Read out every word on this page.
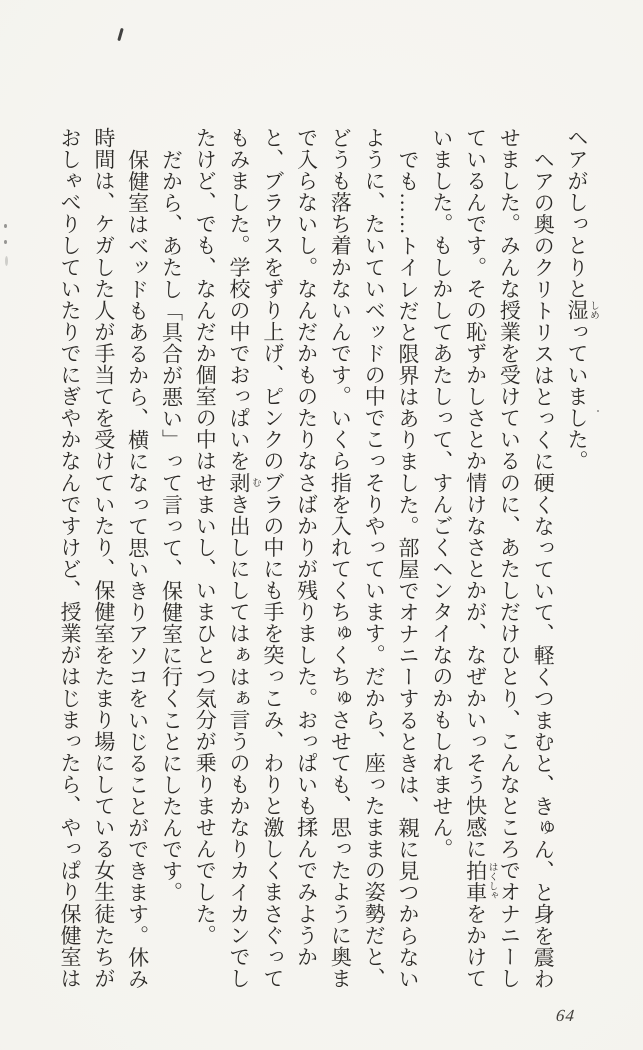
ヘアがしっとりと湿 しめっていました。

ヘアの奥のクリトリスはとっくに硬くなっていて、軽くつまむと、きゅん、と身を震わせました。みんな授業を受けているのに、あたしだけひとり、こんなところでオナニーしているんです。その恥ずかしさとか情けなさとかが、なぜかいっそう快感に拍車 はくしゃをかけていました。もしかしてあたしって、すんごくヘンタイなのかもしれません。

でも……トイレだと限界はありました。部屋でオナニーするときは、親に見つからないように、たいていベッドの中でこっそりやっています。だから、座ったままの姿勢だと、どうも落ち着かないんです。いくら指を入れてくちゅくちゅさせても、思ったように奥まで入らないし。なんだかものたりなさばかりが残りました。おっぱいも揉んでみようかと、ブラウスをずり上げ、ピンクのブラの中にも手を突っこみ、わりと激しくまさぐってもみました。学校の中でおっぱいを剥 むき出しにしてはぁはぁ言うのもかなりカイカンでしたけど、でも、なんだか個室の中はせまいし、いまひとつ気分が乗りませんでした。

だから、あたし「具合が悪い」って言って、保健室に行くことにしたんです。

保健室はベッドもあるから、横になって思いきりアソコをいじることができます。休み時間は、ケガした人が手当てを受けていたり、保健室をたまり場にしている女生徒たちがおしゃべりしていたりでにぎやかなんですけど、授業がはじまったら、やっぱり保健室は

64
